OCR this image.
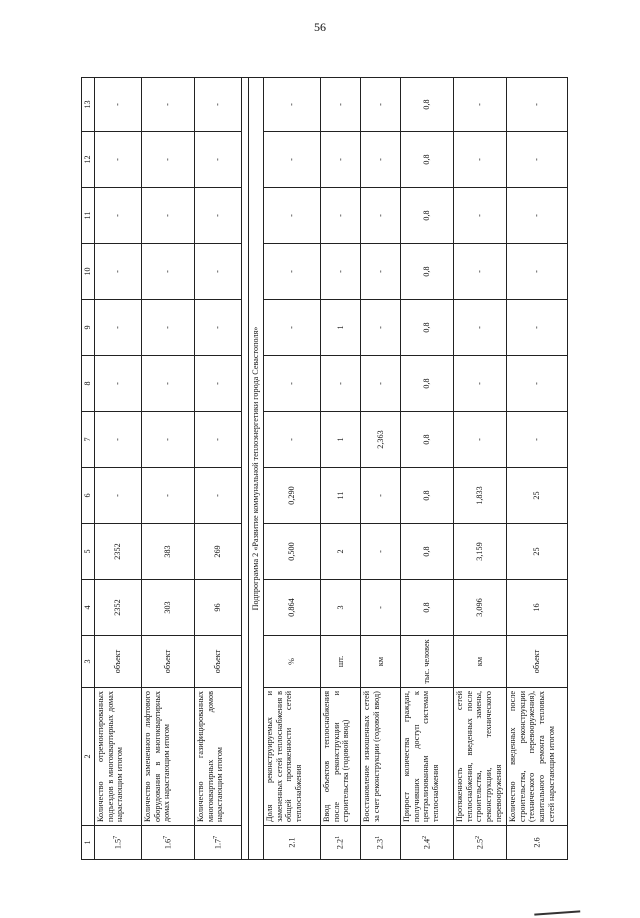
56
1	2	3	4	5	6	7	8	9	10	11	12	13
$1.5^7$	Количество отремонтированных подъездов в многоквартирных домах нарастающим итогом	объект	2352	2352	-	-	-	-	-	-	-	-
$1.6^7$	Количество замененного лифтового оборудования в многоквартирных домах нарастающим итогом	объект	303	383	-	-	-	-	-	-	-	-
$1.7^7$	Количество газифицированных многоквартирных домов нарастающим итогом	объект	96	269	-	-	-	-	-	-	-	-

Подпрограмма 2 «Развитие коммунальной теплоэнергетики города Севастополя»												
2.1	Доля реконструируемых и замененных сетей теплоснабжения в общей протяженности сетей теплоснабжения	%	0,864	0,500	0,290	-	-	-	-	-	-	-
$2.2^1$	Ввод объектов теплоснабжения после реконструкции и строительства (годовой ввод)	шт.	3	2	11	1	-	1	-	-	-	-
$2.3^1$	Восстановление изношенных сетей за счет реконструкции (годовой ввод)	км	-	-	-	2,363	-	-	-	-	-	-
$2.4^2$	Прирост количества граждан, получивших доступ к централизованным системам теплоснабжения	тыс. человек	0,8	0,8	0,8	0,8	0,8	0,8	0,8	0,8	0,8	0,8
$2.5^2$	Протяженность сетей теплоснабжения, введенных после строительства, замены, реконструкции, технического перевооружения	км	3,096	3,159	1,833	-	-	-	-	-	-	-
2.6	Количество введенных после строительства, реконструкции (технического перевооружения), капитального ремонта тепловых сетей нарастающим итогом	объект	16	25	25	-	-	-	-	-	-	-
